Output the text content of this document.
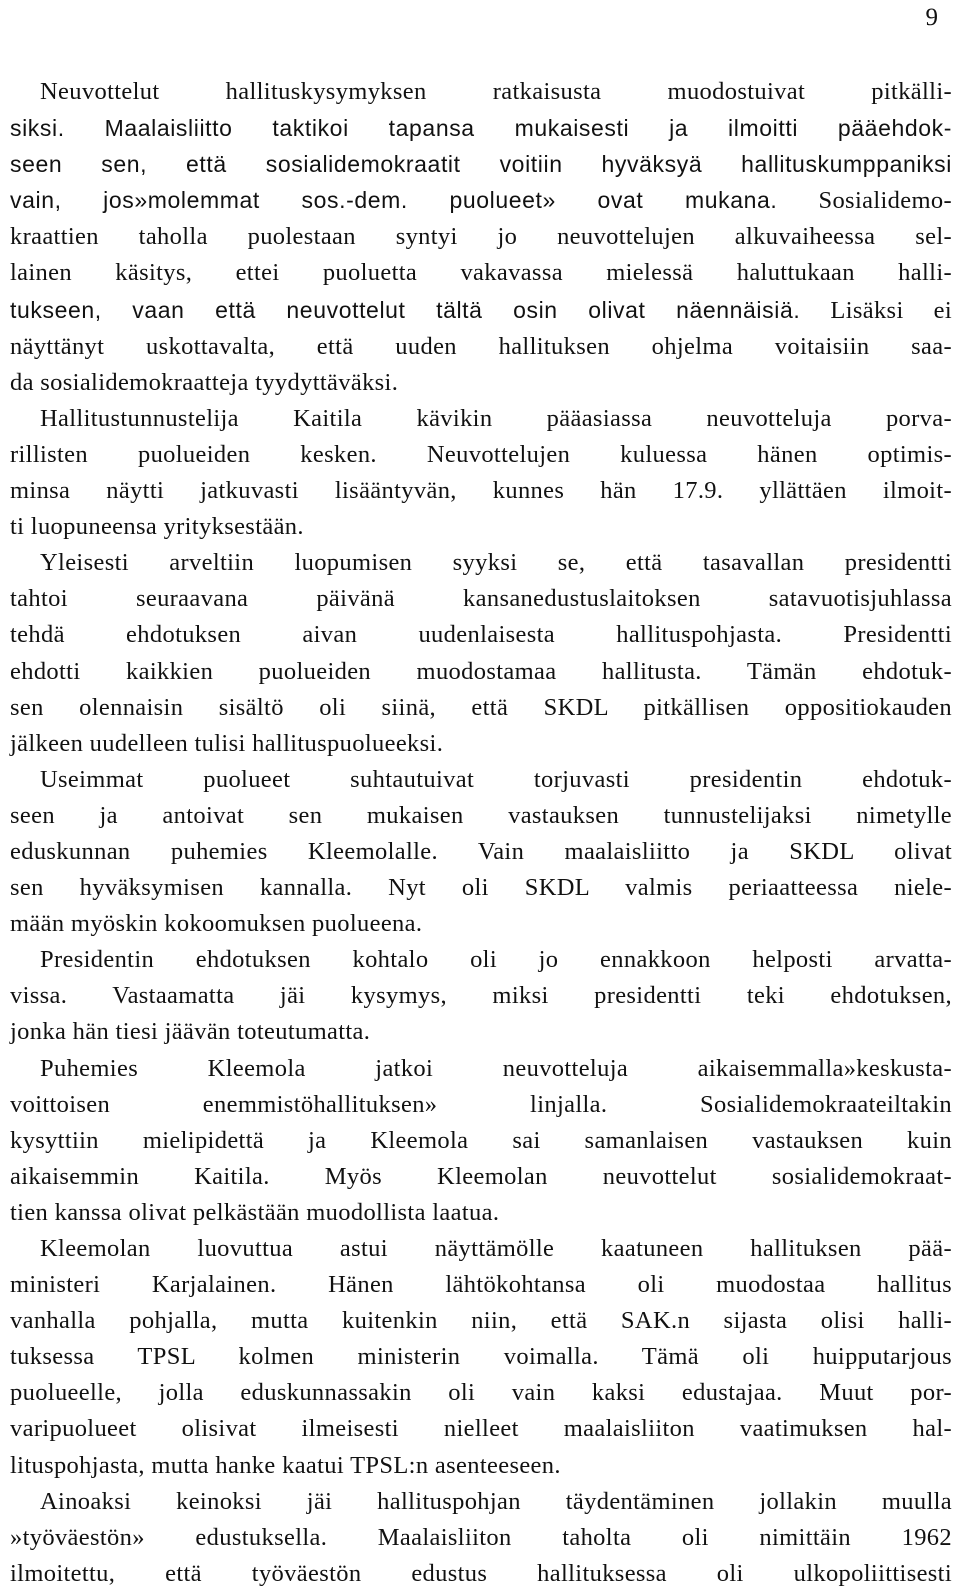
9
Neuvottelut hallituskysymyksen ratkaisusta muodostuivat pitkälli-
siksi. Maalaisliitto taktikoi tapansa mukaisesti ja ilmoitti pääehdok-
seen sen, että sosialidemokraatit voitiin hyväksyä hallituskumppaniksi
vain, jos»molemmat sos.-dem. puolueet» ovat mukana. Sosialidemo-
kraattien taholla puolestaan syntyi jo neuvottelujen alkuvaiheessa sel-
lainen käsitys, ettei puoluetta vakavassa mielessä haluttukaan halli-
tukseen, vaan että neuvottelut tältä osin olivat näennäisiä. Lisäksi ei
näyttänyt uskottavalta, että uuden hallituksen ohjelma voitaisiin saa-
da sosialidemokraatteja tyydyttäväksi.
Hallitustunnustelija Kaitila kävikin pääasiassa neuvotteluja porva-
rillisten puolueiden kesken. Neuvottelujen kuluessa hänen optimis-
minsa näytti jatkuvasti lisääntyvän, kunnes hän 17.9. yllättäen ilmoit-
ti luopuneensa yrityksestään.
Yleisesti arveltiin luopumisen syyksi se, että tasavallan presidentti
tahtoi seuraavana päivänä kansanedustuslaitoksen satavuotisjuhlassa
tehdä ehdotuksen aivan uudenlaisesta hallituspohjasta. Presidentti
ehdotti kaikkien puolueiden muodostamaa hallitusta. Tämän ehdotuk-
sen olennaisin sisältö oli siinä, että SKDL pitkällisen oppositiokauden
jälkeen uudelleen tulisi hallituspuolueeksi.
Useimmat puolueet suhtautuivat torjuvasti presidentin ehdotuk-
seen ja antoivat sen mukaisen vastauksen tunnustelijaksi nimetylle
eduskunnan puhemies Kleemolalle. Vain maalaisliitto ja SKDL olivat
sen hyväksymisen kannalla. Nyt oli SKDL valmis periaatteessa niele-
mään myöskin kokoomuksen puolueena.
Presidentin ehdotuksen kohtalo oli jo ennakkoon helposti arvatta-
vissa. Vastaamatta jäi kysymys, miksi presidentti teki ehdotuksen,
jonka hän tiesi jäävän toteutumatta.
Puhemies Kleemola jatkoi neuvotteluja aikaisemmalla»keskusta-
voittoisen enemmistöhallituksen» linjalla. Sosialidemokraateiltakin
kysyttiin mielipidettä ja Kleemola sai samanlaisen vastauksen kuin
aikaisemmin Kaitila. Myös Kleemolan neuvottelut sosialidemokraat-
tien kanssa olivat pelkästään muodollista laatua.
Kleemolan luovuttua astui näyttämölle kaatuneen hallituksen pää-
ministeri Karjalainen. Hänen lähtökohtansa oli muodostaa hallitus
vanhalla pohjalla, mutta kuitenkin niin, että SAK.n sijasta olisi halli-
tuksessa TPSL kolmen ministerin voimalla. Tämä oli huipputarjous
puolueelle, jolla eduskunnassakin oli vain kaksi edustajaa. Muut por-
varipuolueet olisivat ilmeisesti nielleet maalaisliiton vaatimuksen hal-
lituspohjasta, mutta hanke kaatui TPSL:n asenteeseen.
Ainoaksi keinoksi jäi hallituspohjan täydentäminen jollakin muulla
»työväestön» edustuksella. Maalaisliiton taholta oli nimittäin 1962
ilmoitettu, että työväestön edustus hallituksessa oli ulkopoliittisesti
